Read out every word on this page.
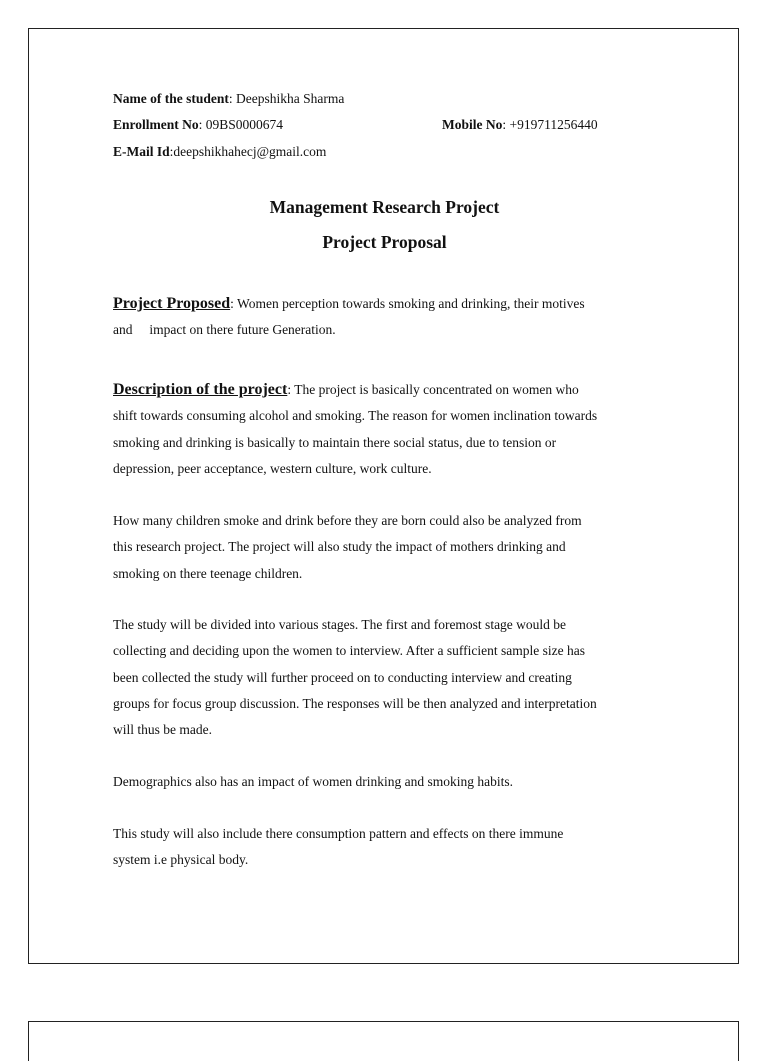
Name of the student: Deepshikha Sharma
Enrollment No: 09BS0000674	Mobile No: +919711256440
E-Mail Id:deepshikhahecj@gmail.com
Management Research Project
Project Proposal

Project Proposed: Women perception towards smoking and drinking, their motives

and     impact on there future Generation.

Description of the project: The project is basically concentrated on women who

shift towards consuming alcohol and smoking. The reason for women inclination towards

smoking and drinking is basically to maintain there social status, due to tension or

depression, peer acceptance, western culture, work culture.

How many children smoke and drink before they are born could also be analyzed from

this research project. The project will also study the impact of mothers drinking and

smoking on there teenage children.

The study will be divided into various stages. The first and foremost stage would be

collecting and deciding upon the women to interview. After a sufficient sample size has

been collected the study will further proceed on to conducting interview and creating

groups for focus group discussion. The responses will be then analyzed and interpretation

will thus be made.

Demographics also has an impact of women drinking and smoking habits.

This study will also include there consumption pattern and effects on there immune

system i.e physical body.
